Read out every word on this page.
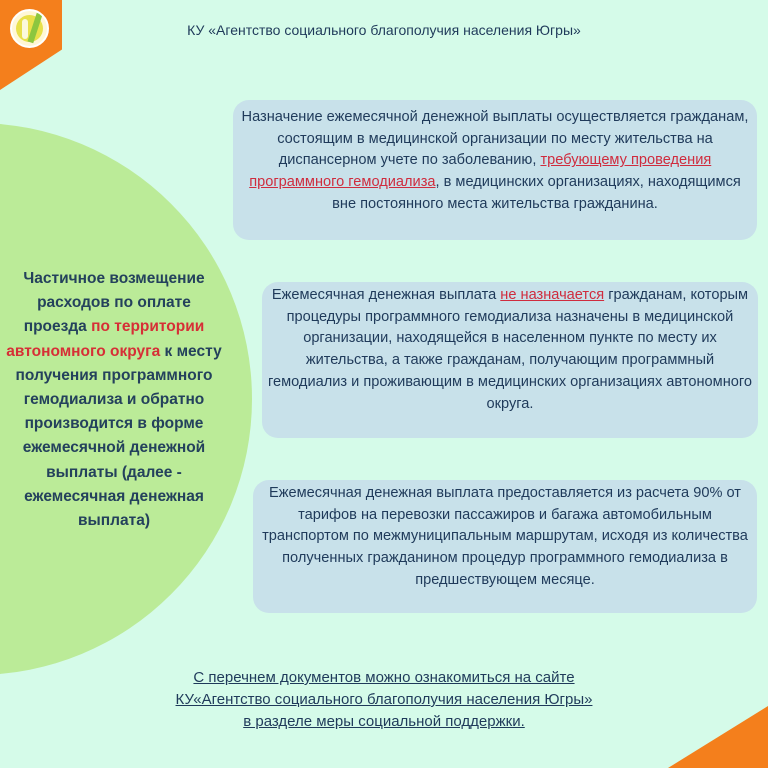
КУ «Агентство социального благополучия населения Югры»
Частичное возмещение расходов по оплате проезда по территории автономного округа к месту получения программного гемодиализа и обратно производится в форме ежемесячной денежной выплаты (далее - ежемесячная денежная выплата)
Назначение ежемесячной денежной выплаты осуществляется гражданам, состоящим в медицинской организации по месту жительства на диспансерном учете по заболеванию, требующему проведения программного гемодиализа, в медицинских организациях, находящимся вне постоянного места жительства гражданина.
Ежемесячная денежная выплата не назначается гражданам, которым процедуры программного гемодиализа назначены в медицинской организации, находящейся в населенном пункте по месту их жительства, а также гражданам, получающим программный гемодиализ и проживающим в медицинских организациях автономного округа.
Ежемесячная денежная выплата предоставляется из расчета 90% от тарифов на перевозки пассажиров и багажа автомобильным транспортом по межмуниципальным маршрутам, исходя из количества полученных гражданином процедур программного гемодиализа в предшествующем месяце.
С перечнем документов можно ознакомиться на сайте
КУ«Агентство социального благополучия населения Югры»
в разделе меры социальной поддержки.
